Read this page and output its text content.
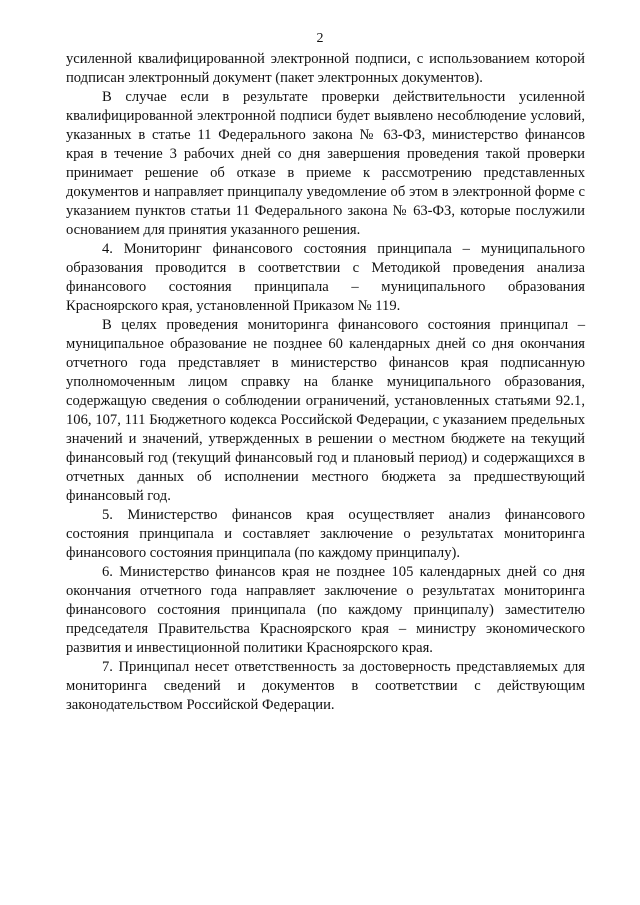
2

усиленной квалифицированной электронной подписи, с использованием которой подписан электронный документ (пакет электронных документов).

В случае если в результате проверки действительности усиленной квалифицированной электронной подписи будет выявлено несоблюдение условий, указанных в статье 11 Федерального закона № 63-ФЗ, министерство финансов края в течение 3 рабочих дней со дня завершения проведения такой проверки принимает решение об отказе в приеме к рассмотрению представленных документов и направляет принципалу уведомление об этом в электронной форме с указанием пунктов статьи 11 Федерального закона № 63-ФЗ, которые послужили основанием для принятия указанного решения.

4. Мониторинг финансового состояния принципала – муниципального образования проводится в соответствии с Методикой проведения анализа финансового состояния принципала – муниципального образования Красноярского края, установленной Приказом № 119.

В целях проведения мониторинга финансового состояния принципал – муниципальное образование не позднее 60 календарных дней со дня окончания отчетного года представляет в министерство финансов края подписанную уполномоченным лицом справку на бланке муниципального образования, содержащую сведения о соблюдении ограничений, установленных статьями 92.1, 106, 107, 111 Бюджетного кодекса Российской Федерации, с указанием предельных значений и значений, утвержденных в решении о местном бюджете на текущий финансовый год (текущий финансовый год и плановый период) и содержащихся в отчетных данных об исполнении местного бюджета за предшествующий финансовый год.

5. Министерство финансов края осуществляет анализ финансового состояния принципала и составляет заключение о результатах мониторинга финансового состояния принципала (по каждому принципалу).

6. Министерство финансов края не позднее 105 календарных дней со дня окончания отчетного года направляет заключение о результатах мониторинга финансового состояния принципала (по каждому принципалу) заместителю председателя Правительства Красноярского края – министру экономического развития и инвестиционной политики Красноярского края.

7. Принципал несет ответственность за достоверность представляемых для мониторинга сведений и документов в соответствии с действующим законодательством Российской Федерации.
